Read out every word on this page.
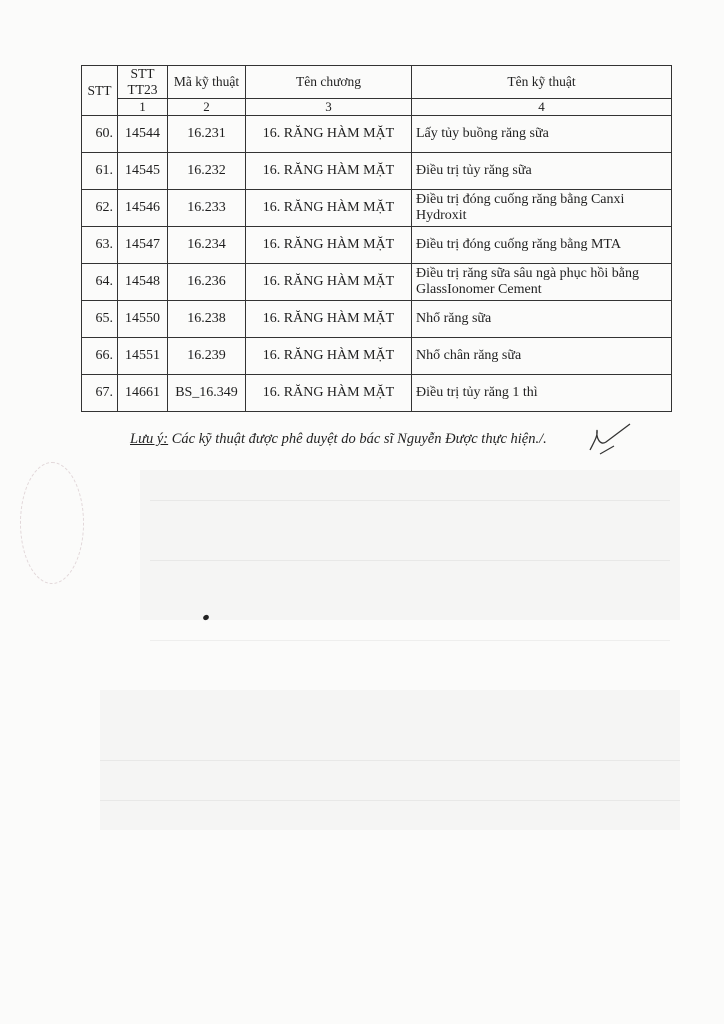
STT	STT TT23	Mã kỹ thuật	Tên chương	Tên kỹ thuật
	1	2	3	4
60.	14544	16.231	16. RĂNG HÀM MẶT	Lấy tủy buồng răng sữa
61.	14545	16.232	16. RĂNG HÀM MẶT	Điều trị tủy răng sữa
62.	14546	16.233	16. RĂNG HÀM MẶT	Điều trị đóng cuống răng bằng Canxi Hydroxit
63.	14547	16.234	16. RĂNG HÀM MẶT	Điều trị đóng cuống răng bằng MTA
64.	14548	16.236	16. RĂNG HÀM MẶT	Điều trị răng sữa sâu ngà phục hồi bằng GlassIonomer Cement
65.	14550	16.238	16. RĂNG HÀM MẶT	Nhổ răng sữa
66.	14551	16.239	16. RĂNG HÀM MẶT	Nhổ chân răng sữa
67.	14661	BS_16.349	16. RĂNG HÀM MẶT	Điều trị tủy răng 1 thì
Lưu ý: Các kỹ thuật được phê duyệt do bác sĩ Nguyễn Được thực hiện./.
